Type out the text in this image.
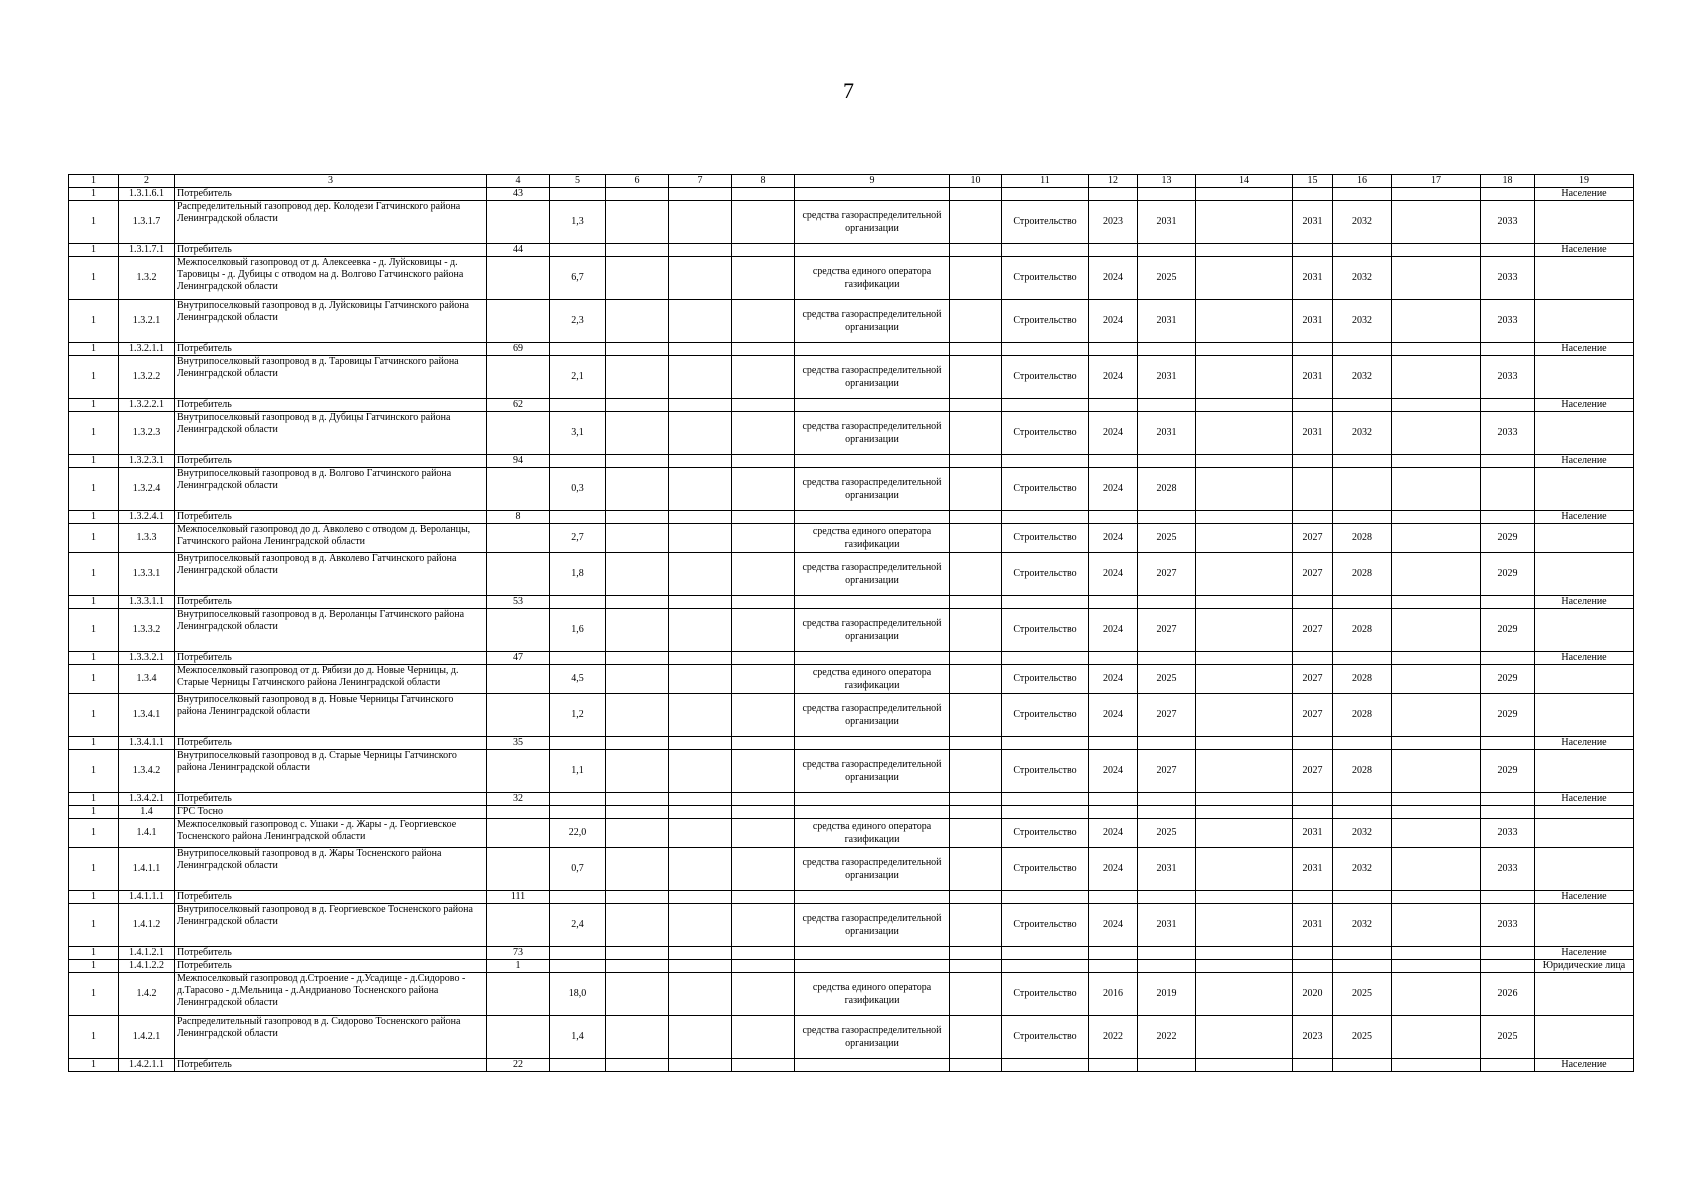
7
1	2	3	4	5	6	7	8	9	10	11	12	13	14	15	16	17	18	19
1	1.3.1.6.1	Потребитель	43															Население
1	1.3.1.7	Распределительный газопровод дер. Колодези Гатчинского района Ленинградской области		1,3				средства газораспределительной организации		Строительство	2023	2031		2031	2032		2033	
1	1.3.1.7.1	Потребитель	44															Население
1	1.3.2	Межпоселковый газопровод от д. Алексеевка - д. Луйсковицы - д. Таровицы - д. Дубицы с отводом на д. Волгово Гатчинского района Ленинградской области		6,7				средства единого оператора газификации		Строительство	2024	2025		2031	2032		2033	
1	1.3.2.1	Внутрипоселковый газопровод в д. Луйсковицы Гатчинского района Ленинградской области		2,3				средства газораспределительной организации		Строительство	2024	2031		2031	2032		2033	
1	1.3.2.1.1	Потребитель	69															Население
1	1.3.2.2	Внутрипоселковый газопровод в д. Таровицы Гатчинского района Ленинградской области		2,1				средства газораспределительной организации		Строительство	2024	2031		2031	2032		2033	
1	1.3.2.2.1	Потребитель	62															Население
1	1.3.2.3	Внутрипоселковый газопровод в д. Дубицы Гатчинского района Ленинградской области		3,1				средства газораспределительной организации		Строительство	2024	2031		2031	2032		2033	
1	1.3.2.3.1	Потребитель	94															Население
1	1.3.2.4	Внутрипоселковый газопровод в д. Волгово Гатчинского района Ленинградской области		0,3				средства газораспределительной организации		Строительство	2024	2028						
1	1.3.2.4.1	Потребитель	8															Население
1	1.3.3	Межпоселковый газопровод до д. Авколево с отводом д. Вероланцы, Гатчинского района Ленинградской области		2,7				средства единого оператора газификации		Строительство	2024	2025		2027	2028		2029	
1	1.3.3.1	Внутрипоселковый газопровод в д. Авколево Гатчинского района Ленинградской области		1,8				средства газораспределительной организации		Строительство	2024	2027		2027	2028		2029	
1	1.3.3.1.1	Потребитель	53															Население
1	1.3.3.2	Внутрипоселковый газопровод в д. Вероланцы Гатчинского района Ленинградской области		1,6				средства газораспределительной организации		Строительство	2024	2027		2027	2028		2029	
1	1.3.3.2.1	Потребитель	47															Население
1	1.3.4	Межпоселковый газопровод от д. Рябизи до д. Новые Черницы, д. Старые Черницы Гатчинского района Ленинградской области		4,5				средства единого оператора газификации		Строительство	2024	2025		2027	2028		2029	
1	1.3.4.1	Внутрипоселковый газопровод в д. Новые Черницы Гатчинского района Ленинградской области		1,2				средства газораспределительной организации		Строительство	2024	2027		2027	2028		2029	
1	1.3.4.1.1	Потребитель	35															Население
1	1.3.4.2	Внутрипоселковый газопровод в д. Старые Черницы Гатчинского района Ленинградской области		1,1				средства газораспределительной организации		Строительство	2024	2027		2027	2028		2029	
1	1.3.4.2.1	Потребитель	32															Население
1	1.4	ГРС Тосно																
1	1.4.1	Межпоселковый газопровод с. Ушаки - д. Жары - д. Георгиевское Тосненского района Ленинградской области		22,0				средства единого оператора газификации		Строительство	2024	2025		2031	2032		2033	
1	1.4.1.1	Внутрипоселковый газопровод в д. Жары Тосненского района Ленинградской области		0,7				средства газораспределительной организации		Строительство	2024	2031		2031	2032		2033	
1	1.4.1.1.1	Потребитель	111															Население
1	1.4.1.2	Внутрипоселковый газопровод в д. Георгиевское Тосненского района Ленинградской области		2,4				средства газораспределительной организации		Строительство	2024	2031		2031	2032		2033	
1	1.4.1.2.1	Потребитель	73															Население
1	1.4.1.2.2	Потребитель	1															Юридические лица
1	1.4.2	Межпоселковый газопровод д.Строение - д.Усадище - д.Сидорово - д.Тарасово - д.Мельница - д.Андрианово Тосненского района Ленинградской области		18,0				средства единого оператора газификации		Строительство	2016	2019		2020	2025		2026	
1	1.4.2.1	Распределительный газопровод в д. Сидорово Тосненского района Ленинградской области		1,4				средства газораспределительной организации		Строительство	2022	2022		2023	2025		2025	
1	1.4.2.1.1	Потребитель	22															Население
